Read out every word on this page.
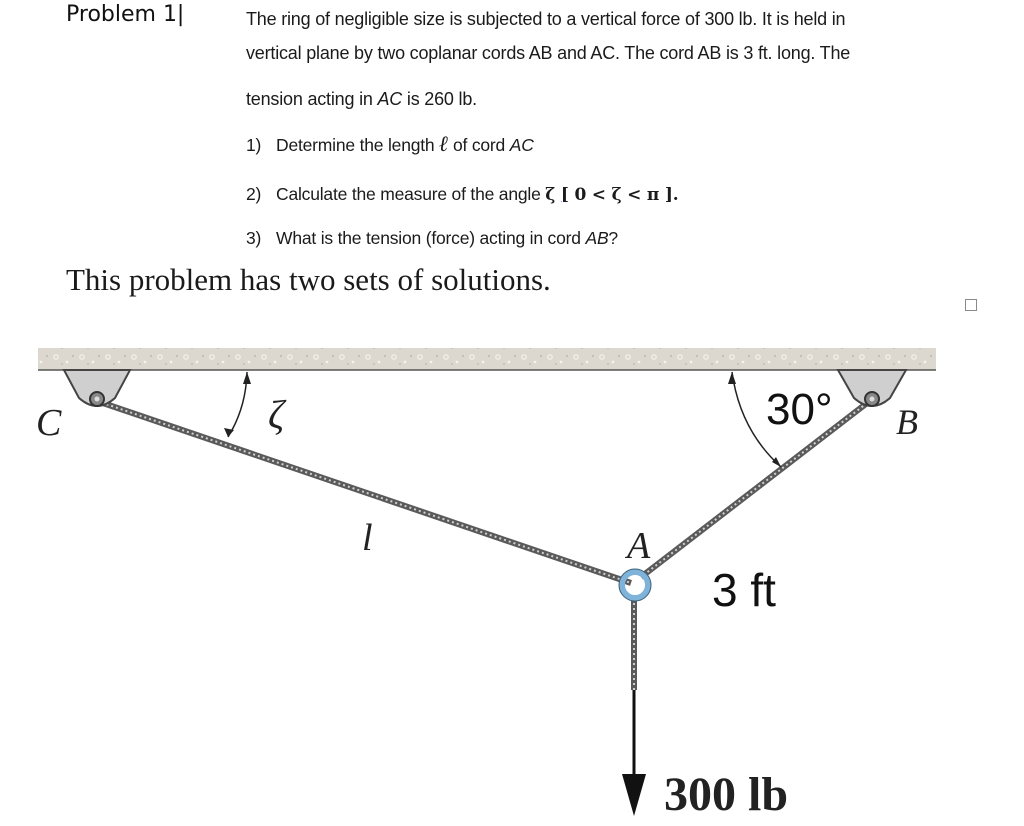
Problem 1|	The ring of negligible size is subjected to a vertical force of 300 lb. It is held in
vertical plane by two coplanar cords AB and AC. The cord AB is 3 ft. long. The
tension acting in AC is 260 lb.
1) Determine the length ℓ of cord AC
2) Calculate the measure of the angle ζ [ 0 < ζ < π ].
3) What is the tension (force) acting in cord AB?
This problem has two sets of solutions.
C	B
A
ζ
l
30°
3 ft
300 lb
